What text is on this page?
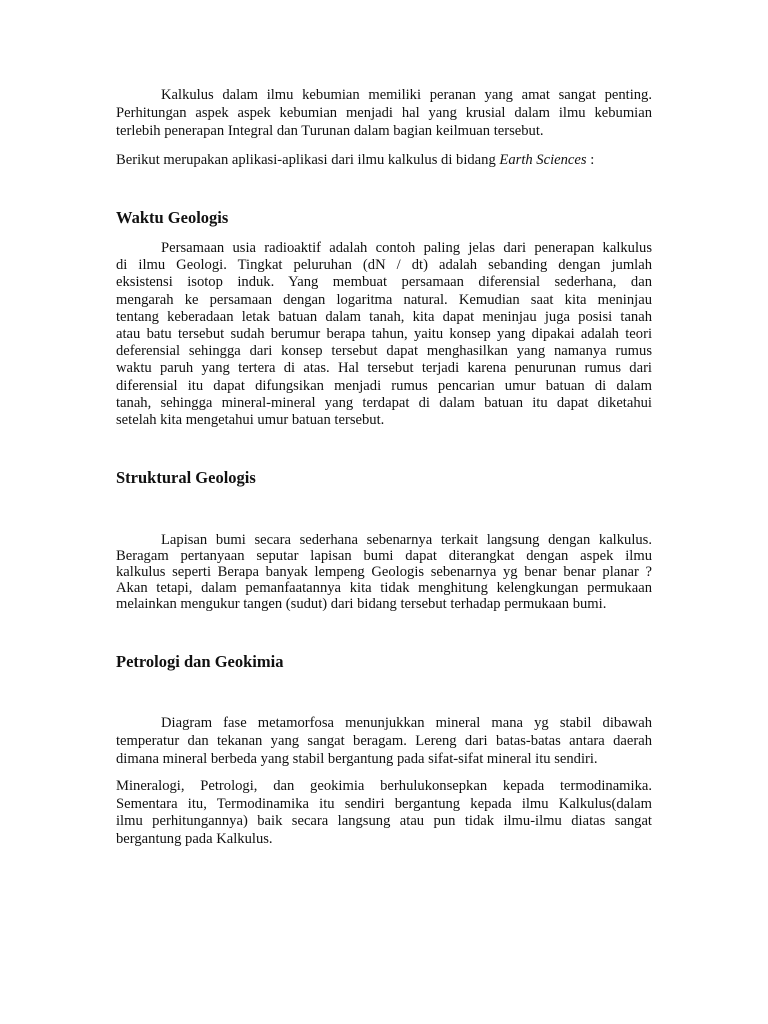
Kalkulus dalam ilmu kebumian memiliki peranan yang amat sangat penting.
Perhitungan aspek aspek kebumian menjadi hal yang krusial dalam ilmu kebumian
terlebih penerapan Integral dan Turunan dalam bagian keilmuan tersebut.
Berikut merupakan aplikasi-aplikasi dari ilmu kalkulus di bidang Earth Sciences :
Waktu Geologis
Persamaan usia radioaktif adalah contoh paling jelas dari penerapan kalkulus
di ilmu Geologi. Tingkat peluruhan (dN / dt) adalah sebanding dengan jumlah
eksistensi isotop induk. Yang membuat persamaan diferensial sederhana, dan
mengarah ke persamaan dengan logaritma natural. Kemudian saat kita meninjau
tentang keberadaan letak batuan dalam tanah, kita dapat meninjau juga posisi tanah
atau batu tersebut sudah berumur berapa tahun, yaitu konsep yang dipakai adalah teori
deferensial sehingga dari konsep tersebut dapat menghasilkan yang namanya rumus
waktu paruh yang tertera di atas. Hal tersebut terjadi karena penurunan rumus dari
diferensial itu dapat difungsikan menjadi rumus pencarian umur batuan di dalam
tanah, sehingga mineral-mineral yang terdapat di dalam batuan itu dapat diketahui
setelah kita mengetahui umur batuan tersebut.
Struktural Geologis
Lapisan bumi secara sederhana sebenarnya terkait langsung dengan kalkulus.
Beragam pertanyaan seputar lapisan bumi dapat diterangkat dengan aspek ilmu
kalkulus seperti Berapa banyak lempeng Geologis sebenarnya yg benar benar planar ?
Akan tetapi, dalam pemanfaatannya kita tidak menghitung kelengkungan permukaan
melainkan mengukur tangen (sudut) dari bidang tersebut terhadap permukaan bumi.
Petrologi dan Geokimia
Diagram fase metamorfosa menunjukkan mineral mana yg stabil dibawah
temperatur dan tekanan yang sangat beragam. Lereng dari batas-batas antara daerah
dimana mineral berbeda yang stabil bergantung pada sifat-sifat mineral itu sendiri.
Mineralogi, Petrologi, dan geokimia berhulukonsepkan kepada termodinamika.
Sementara itu, Termodinamika itu sendiri bergantung kepada ilmu Kalkulus(dalam
ilmu perhitungannya) baik secara langsung atau pun tidak ilmu-ilmu diatas sangat
bergantung pada Kalkulus.
